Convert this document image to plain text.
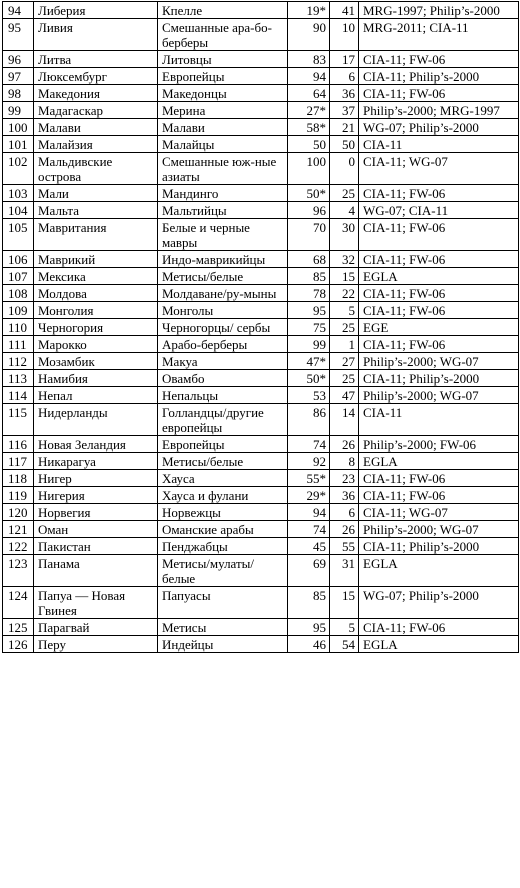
94	Либерия	Кпелле	19*	41	MRG-1997; Philip’s-2000
95	Ливия	Смешанные ара-бо-берберы	90	10	MRG-2011; CIA-11
96	Литва	Литовцы	83	17	CIA-11; FW-06
97	Люксембург	Европейцы	94	6	CIA-11; Philip’s-2000
98	Македония	Македонцы	64	36	CIA-11; FW-06
99	Мадагаскар	Мерина	27*	37	Philip’s-2000; MRG-1997
100	Малави	Малави	58*	21	WG-07; Philip’s-2000
101	Малайзия	Малайцы	50	50	CIA-11
102	Мальдивские острова	Смешанные юж-ные азиаты	100	0	CIA-11; WG-07
103	Мали	Мандинго	50*	25	CIA-11; FW-06
104	Мальта	Мальтийцы	96	4	WG-07; CIA-11
105	Мавритания	Белые и черные мавры	70	30	CIA-11; FW-06
106	Маврикий	Индо-маврикийцы	68	32	CIA-11; FW-06
107	Мексика	Метисы/белые	85	15	EGLA
108	Молдова	Молдаване/ру-мыны	78	22	CIA-11; FW-06
109	Монголия	Монголы	95	5	CIA-11; FW-06
110	Черногория	Черногорцы/ сербы	75	25	EGE
111	Марокко	Арабо-берберы	99	1	CIA-11; FW-06
112	Мозамбик	Макуа	47*	27	Philip’s-2000; WG-07
113	Намибия	Овамбо	50*	25	CIA-11; Philip’s-2000
114	Непал	Непальцы	53	47	Philip’s-2000; WG-07
115	Нидерланды	Голландцы/другие европейцы	86	14	CIA-11
116	Новая Зеландия	Европейцы	74	26	Philip’s-2000; FW-06
117	Никарагуа	Метисы/белые	92	8	EGLA
118	Нигер	Хауса	55*	23	CIA-11; FW-06
119	Нигерия	Хауса и фулани	29*	36	CIA-11; FW-06
120	Норвегия	Норвежцы	94	6	CIA-11; WG-07
121	Оман	Оманские арабы	74	26	Philip’s-2000; WG-07
122	Пакистан	Пенджабцы	45	55	CIA-11; Philip’s-2000
123	Панама	Метисы/мулаты/ белые	69	31	EGLA
124	Папуа — Новая Гвинея	Папуасы	85	15	WG-07; Philip’s-2000
125	Парагвай	Метисы	95	5	CIA-11; FW-06
126	Перу	Индейцы	46	54	EGLA
